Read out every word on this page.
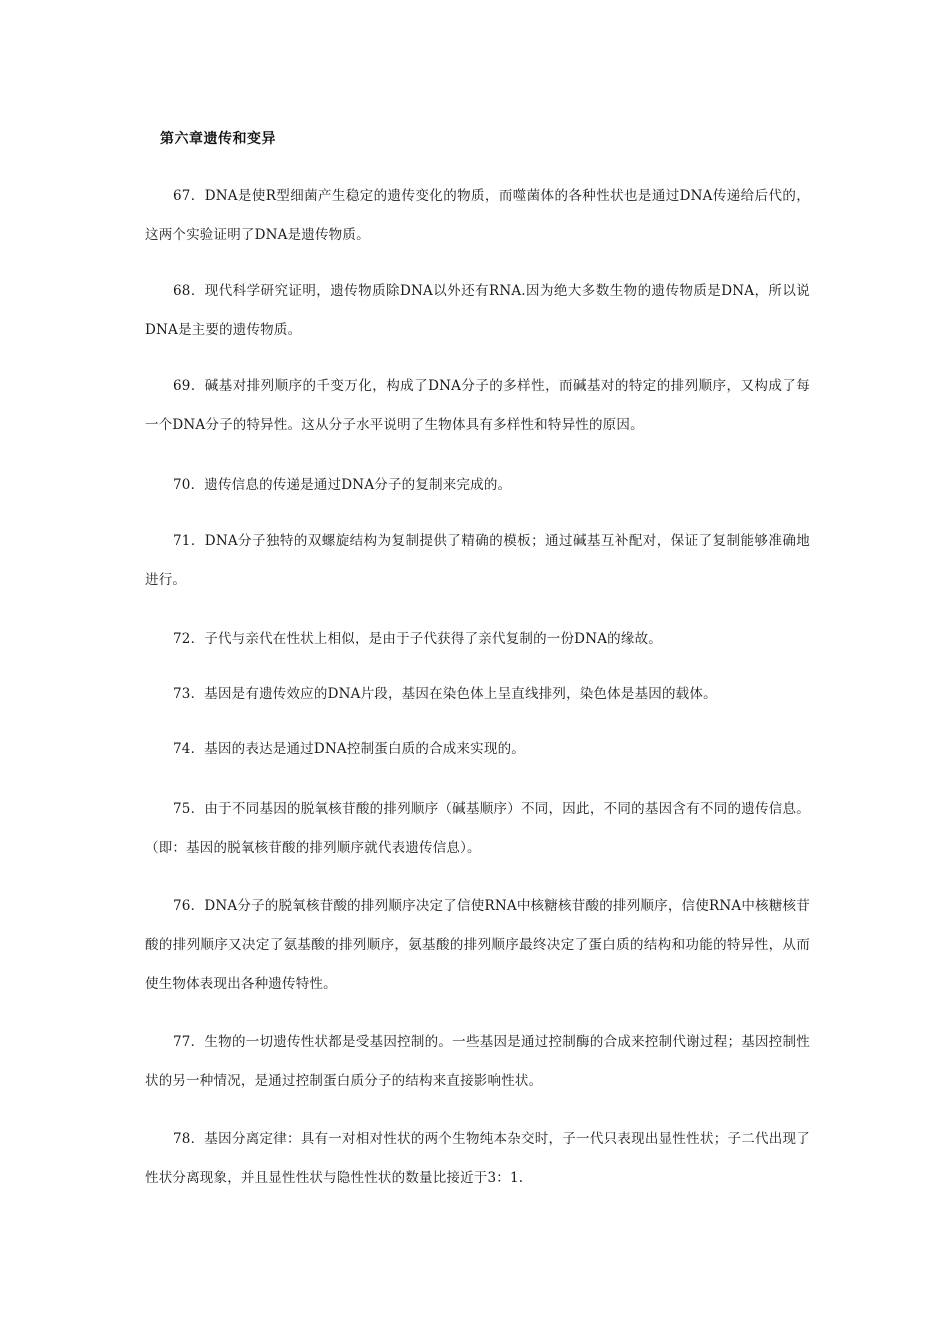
第六章遗传和变异

67．DNA是使R型细菌产生稳定的遗传变化的物质，而噬菌体的各种性状也是通过DNA传递给后代的，这两个实验证明了DNA是遗传物质。

68．现代科学研究证明，遗传物质除DNA以外还有RNA.因为绝大多数生物的遗传物质是DNA，所以说DNA是主要的遗传物质。

69．碱基对排列顺序的千变万化，构成了DNA分子的多样性，而碱基对的特定的排列顺序，又构成了每一个DNA分子的特异性。这从分子水平说明了生物体具有多样性和特异性的原因。

70．遗传信息的传递是通过DNA分子的复制来完成的。

71．DNA分子独特的双螺旋结构为复制提供了精确的模板；通过碱基互补配对，保证了复制能够准确地进行。

72．子代与亲代在性状上相似，是由于子代获得了亲代复制的一份DNA的缘故。

73．基因是有遗传效应的DNA片段，基因在染色体上呈直线排列，染色体是基因的载体。

74．基因的表达是通过DNA控制蛋白质的合成来实现的。

75．由于不同基因的脱氧核苷酸的排列顺序（碱基顺序）不同，因此，不同的基因含有不同的遗传信息。（即：基因的脱氧核苷酸的排列顺序就代表遗传信息）。

76．DNA分子的脱氧核苷酸的排列顺序决定了信使RNA中核糖核苷酸的排列顺序，信使RNA中核糖核苷酸的排列顺序又决定了氨基酸的排列顺序，氨基酸的排列顺序最终决定了蛋白质的结构和功能的特异性，从而使生物体表现出各种遗传特性。

77．生物的一切遗传性状都是受基因控制的。一些基因是通过控制酶的合成来控制代谢过程；基因控制性状的另一种情况，是通过控制蛋白质分子的结构来直接影响性状。

78．基因分离定律：具有一对相对性状的两个生物纯本杂交时，子一代只表现出显性性状；子二代出现了性状分离现象，并且显性性状与隐性性状的数量比接近于3：1.
